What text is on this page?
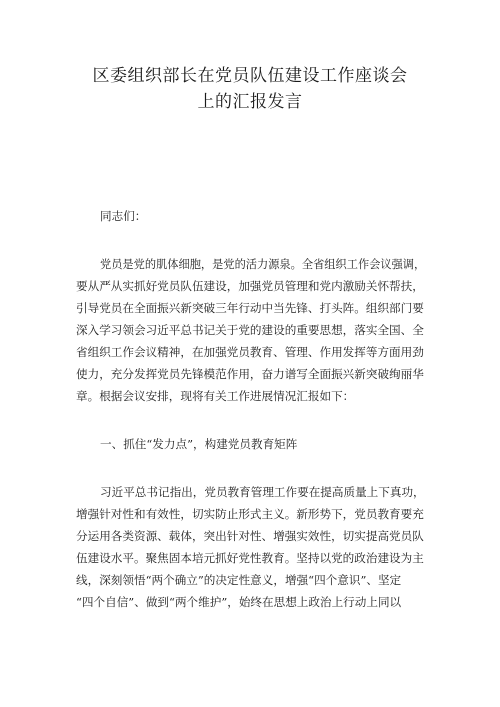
区委组织部长在党员队伍建设工作座谈会
上的汇报发言
同志们：
党员是党的肌体细胞，是党的活力源泉。全省组织工作会议强调，
要从严从实抓好党员队伍建设，加强党员管理和党内激励关怀帮扶，
引导党员在全面振兴新突破三年行动中当先锋、打头阵。组织部门要
深入学习领会习近平总书记关于党的建设的重要思想，落实全国、全
省组织工作会议精神，在加强党员教育、管理、作用发挥等方面用劲
使力，充分发挥党员先锋模范作用，奋力谱写全面振兴新突破绚丽华
章。根据会议安排，现将有关工作进展情况汇报如下：
一、抓住“发力点”，构建党员教育矩阵
习近平总书记指出，党员教育管理工作要在提高质量上下真功，
增强针对性和有效性，切实防止形式主义。新形势下，党员教育要充
分运用各类资源、载体，突出针对性、增强实效性，切实提高党员队
伍建设水平。聚焦固本培元抓好党性教育。坚持以党的政治建设为主
线，深刻领悟“两个确立”的决定性意义，增强“四个意识”、坚定
“四个自信”、做到“两个维护”，始终在思想上政治上行动上同以
